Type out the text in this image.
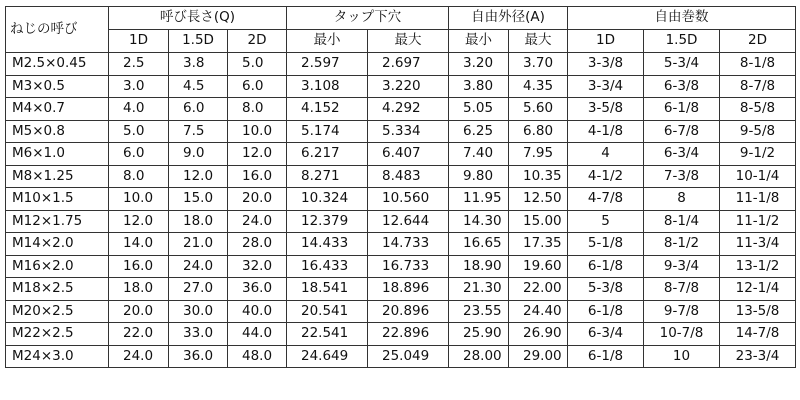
ねじの呼び	呼び長さ(Q)			タップ下穴		自由外径(A)		自由巻数		
	1D	1.5D	2D	最小	最大	最小	最大	1D	1.5D	2D
M2.5×0.45	2.5	3.8	5.0	2.597	2.697	3.20	3.70	3-3/8	5-3/4	8-1/8
M3×0.5	3.0	4.5	6.0	3.108	3.220	3.80	4.35	3-3/4	6-3/8	8-7/8
M4×0.7	4.0	6.0	8.0	4.152	4.292	5.05	5.60	3-5/8	6-1/8	8-5/8
M5×0.8	5.0	7.5	10.0	5.174	5.334	6.25	6.80	4-1/8	6-7/8	9-5/8
M6×1.0	6.0	9.0	12.0	6.217	6.407	7.40	7.95	4	6-3/4	9-1/2
M8×1.25	8.0	12.0	16.0	8.271	8.483	9.80	10.35	4-1/2	7-3/8	10-1/4
M10×1.5	10.0	15.0	20.0	10.324	10.560	11.95	12.50	4-7/8	8	11-1/8
M12×1.75	12.0	18.0	24.0	12.379	12.644	14.30	15.00	5	8-1/4	11-1/2
M14×2.0	14.0	21.0	28.0	14.433	14.733	16.65	17.35	5-1/8	8-1/2	11-3/4
M16×2.0	16.0	24.0	32.0	16.433	16.733	18.90	19.60	6-1/8	9-3/4	13-1/2
M18×2.5	18.0	27.0	36.0	18.541	18.896	21.30	22.00	5-3/8	8-7/8	12-1/4
M20×2.5	20.0	30.0	40.0	20.541	20.896	23.55	24.40	6-1/8	9-7/8	13-5/8
M22×2.5	22.0	33.0	44.0	22.541	22.896	25.90	26.90	6-3/4	10-7/8	14-7/8
M24×3.0	24.0	36.0	48.0	24.649	25.049	28.00	29.00	6-1/8	10	23-3/4
